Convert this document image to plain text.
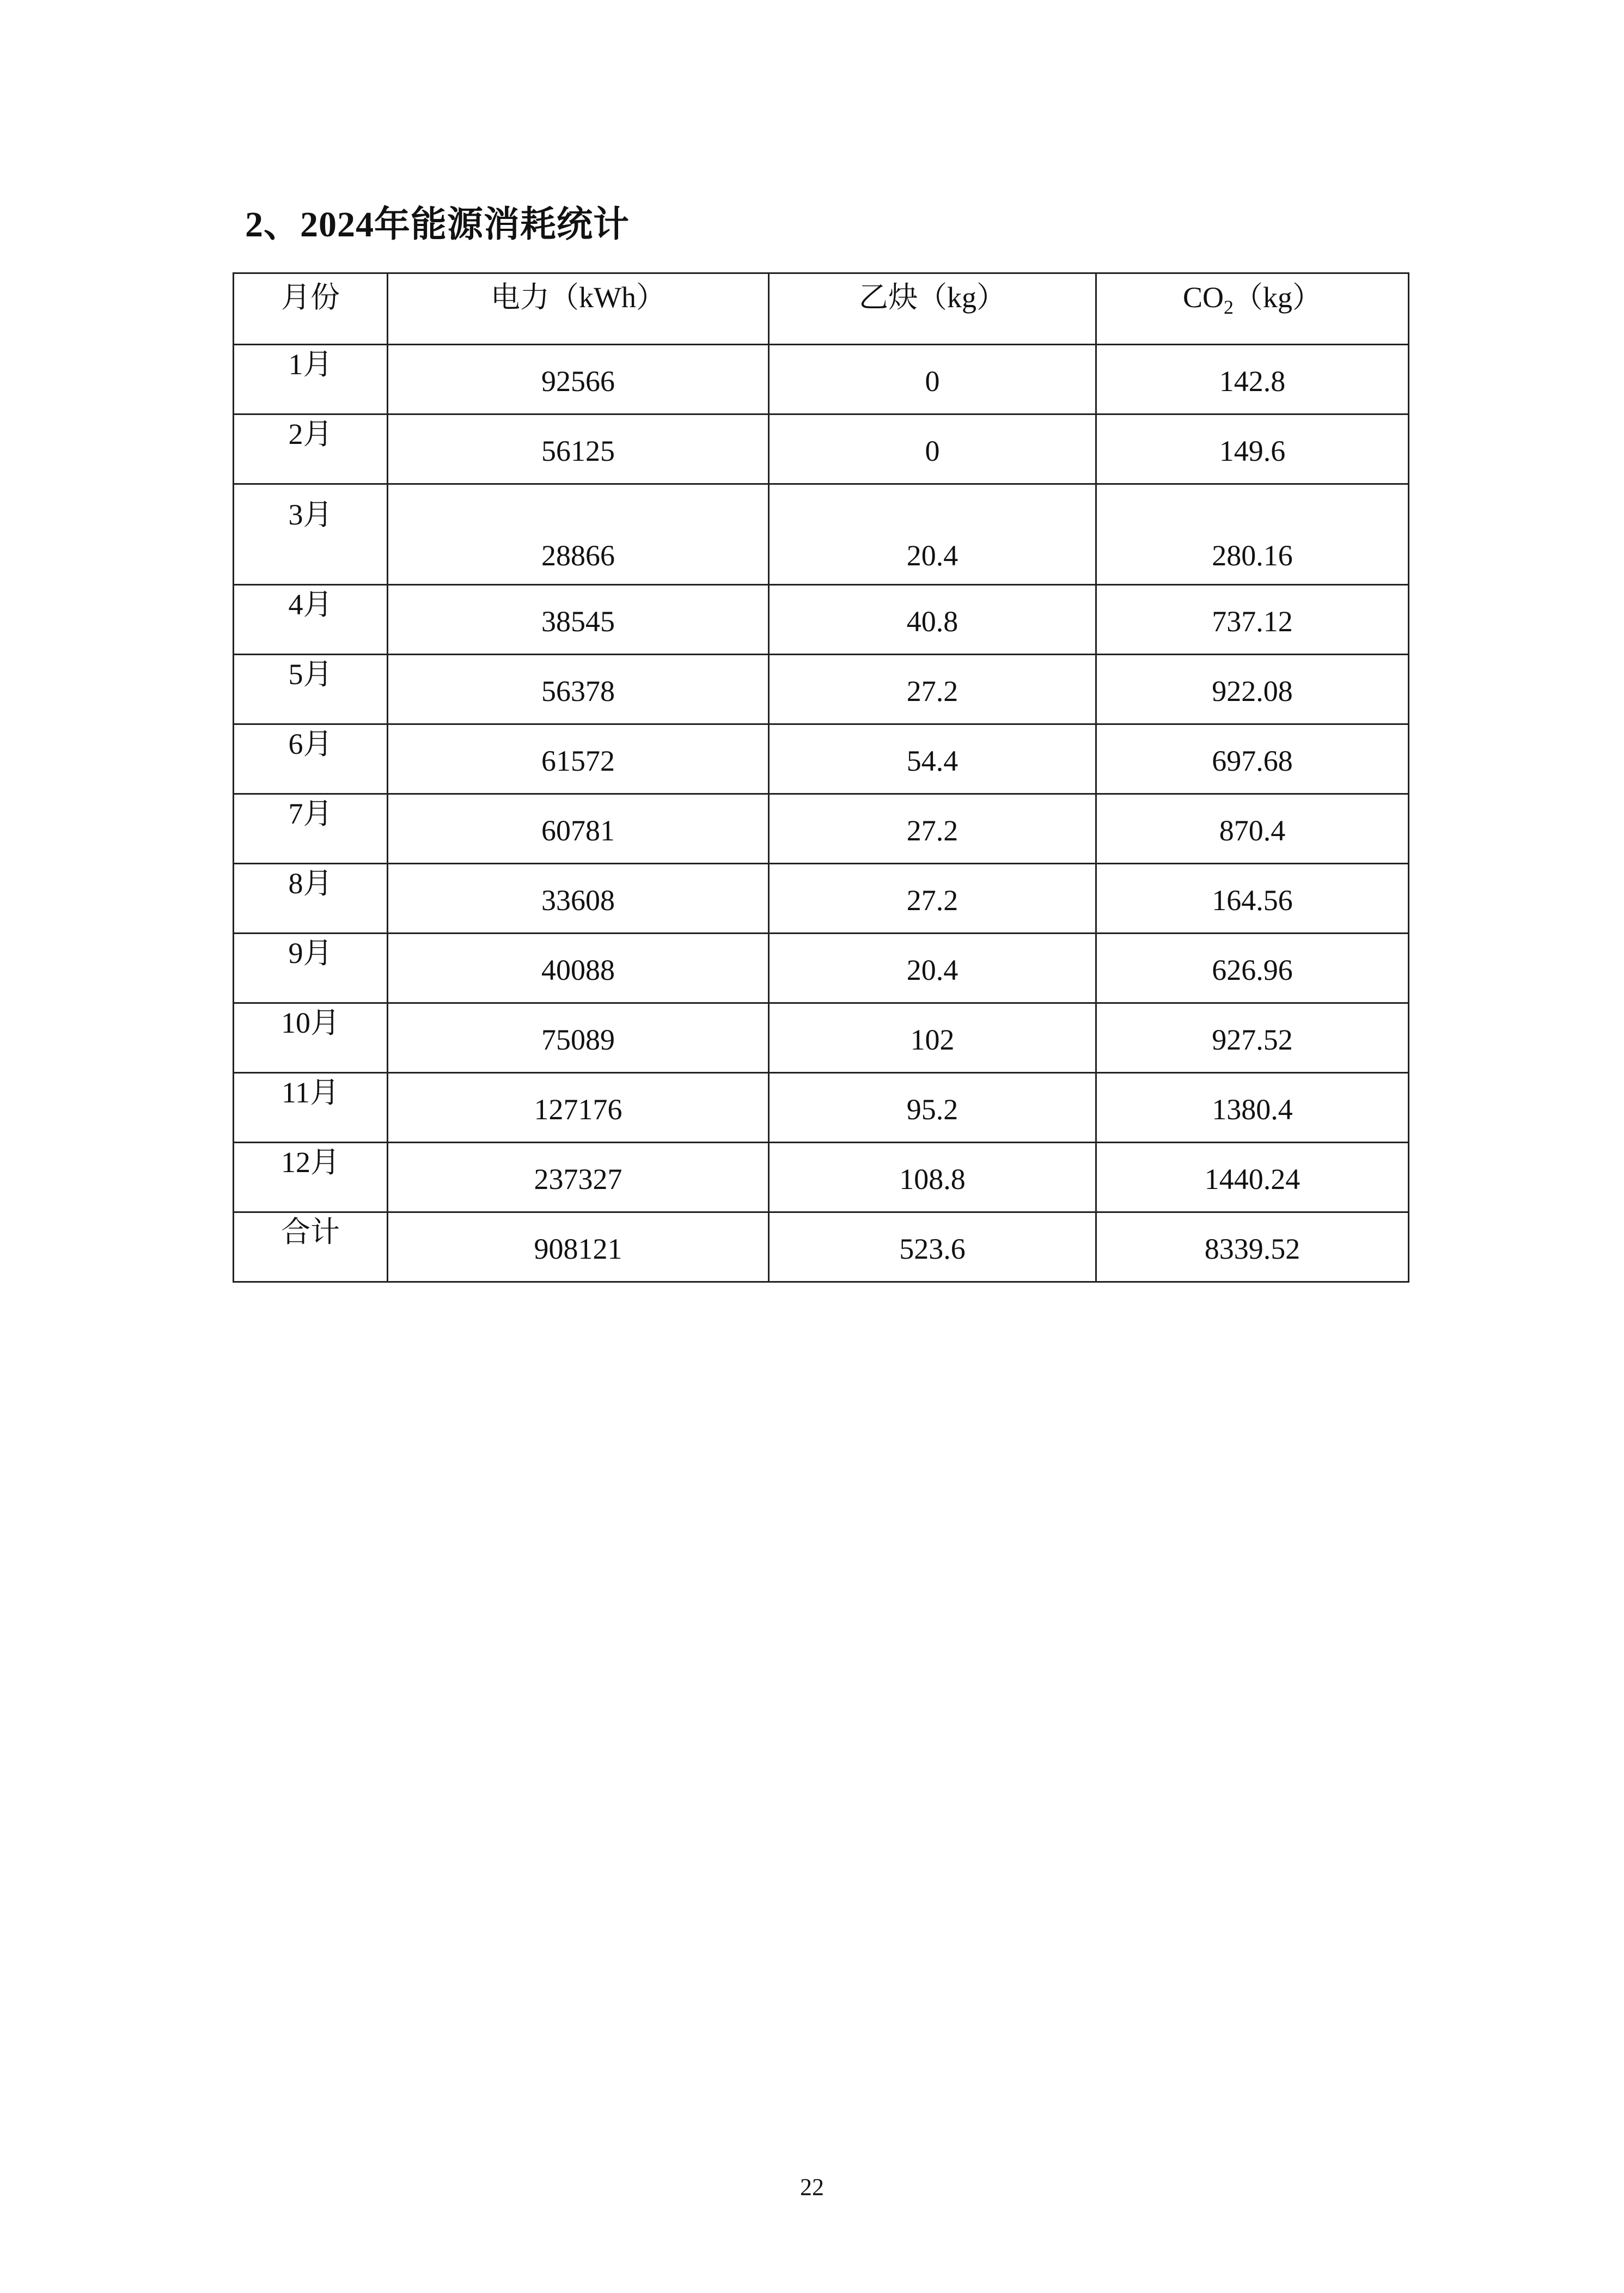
2、2024年能源消耗统计
月份	电力（kWh）	乙炔（kg）	$CO_2(kg)$
1月	92566	0	142.8
2月	56125	0	149.6
3月	28866	20.4	280.16
4月	38545	40.8	737.12
5月	56378	27.2	922.08
6月	61572	54.4	697.68
7月	60781	27.2	870.4
8月	33608	27.2	164.56
9月	40088	20.4	626.96
10月	75089	102	927.52
11月	127176	95.2	1380.4
12月	237327	108.8	1440.24
合计	908121	523.6	8339.52
22
